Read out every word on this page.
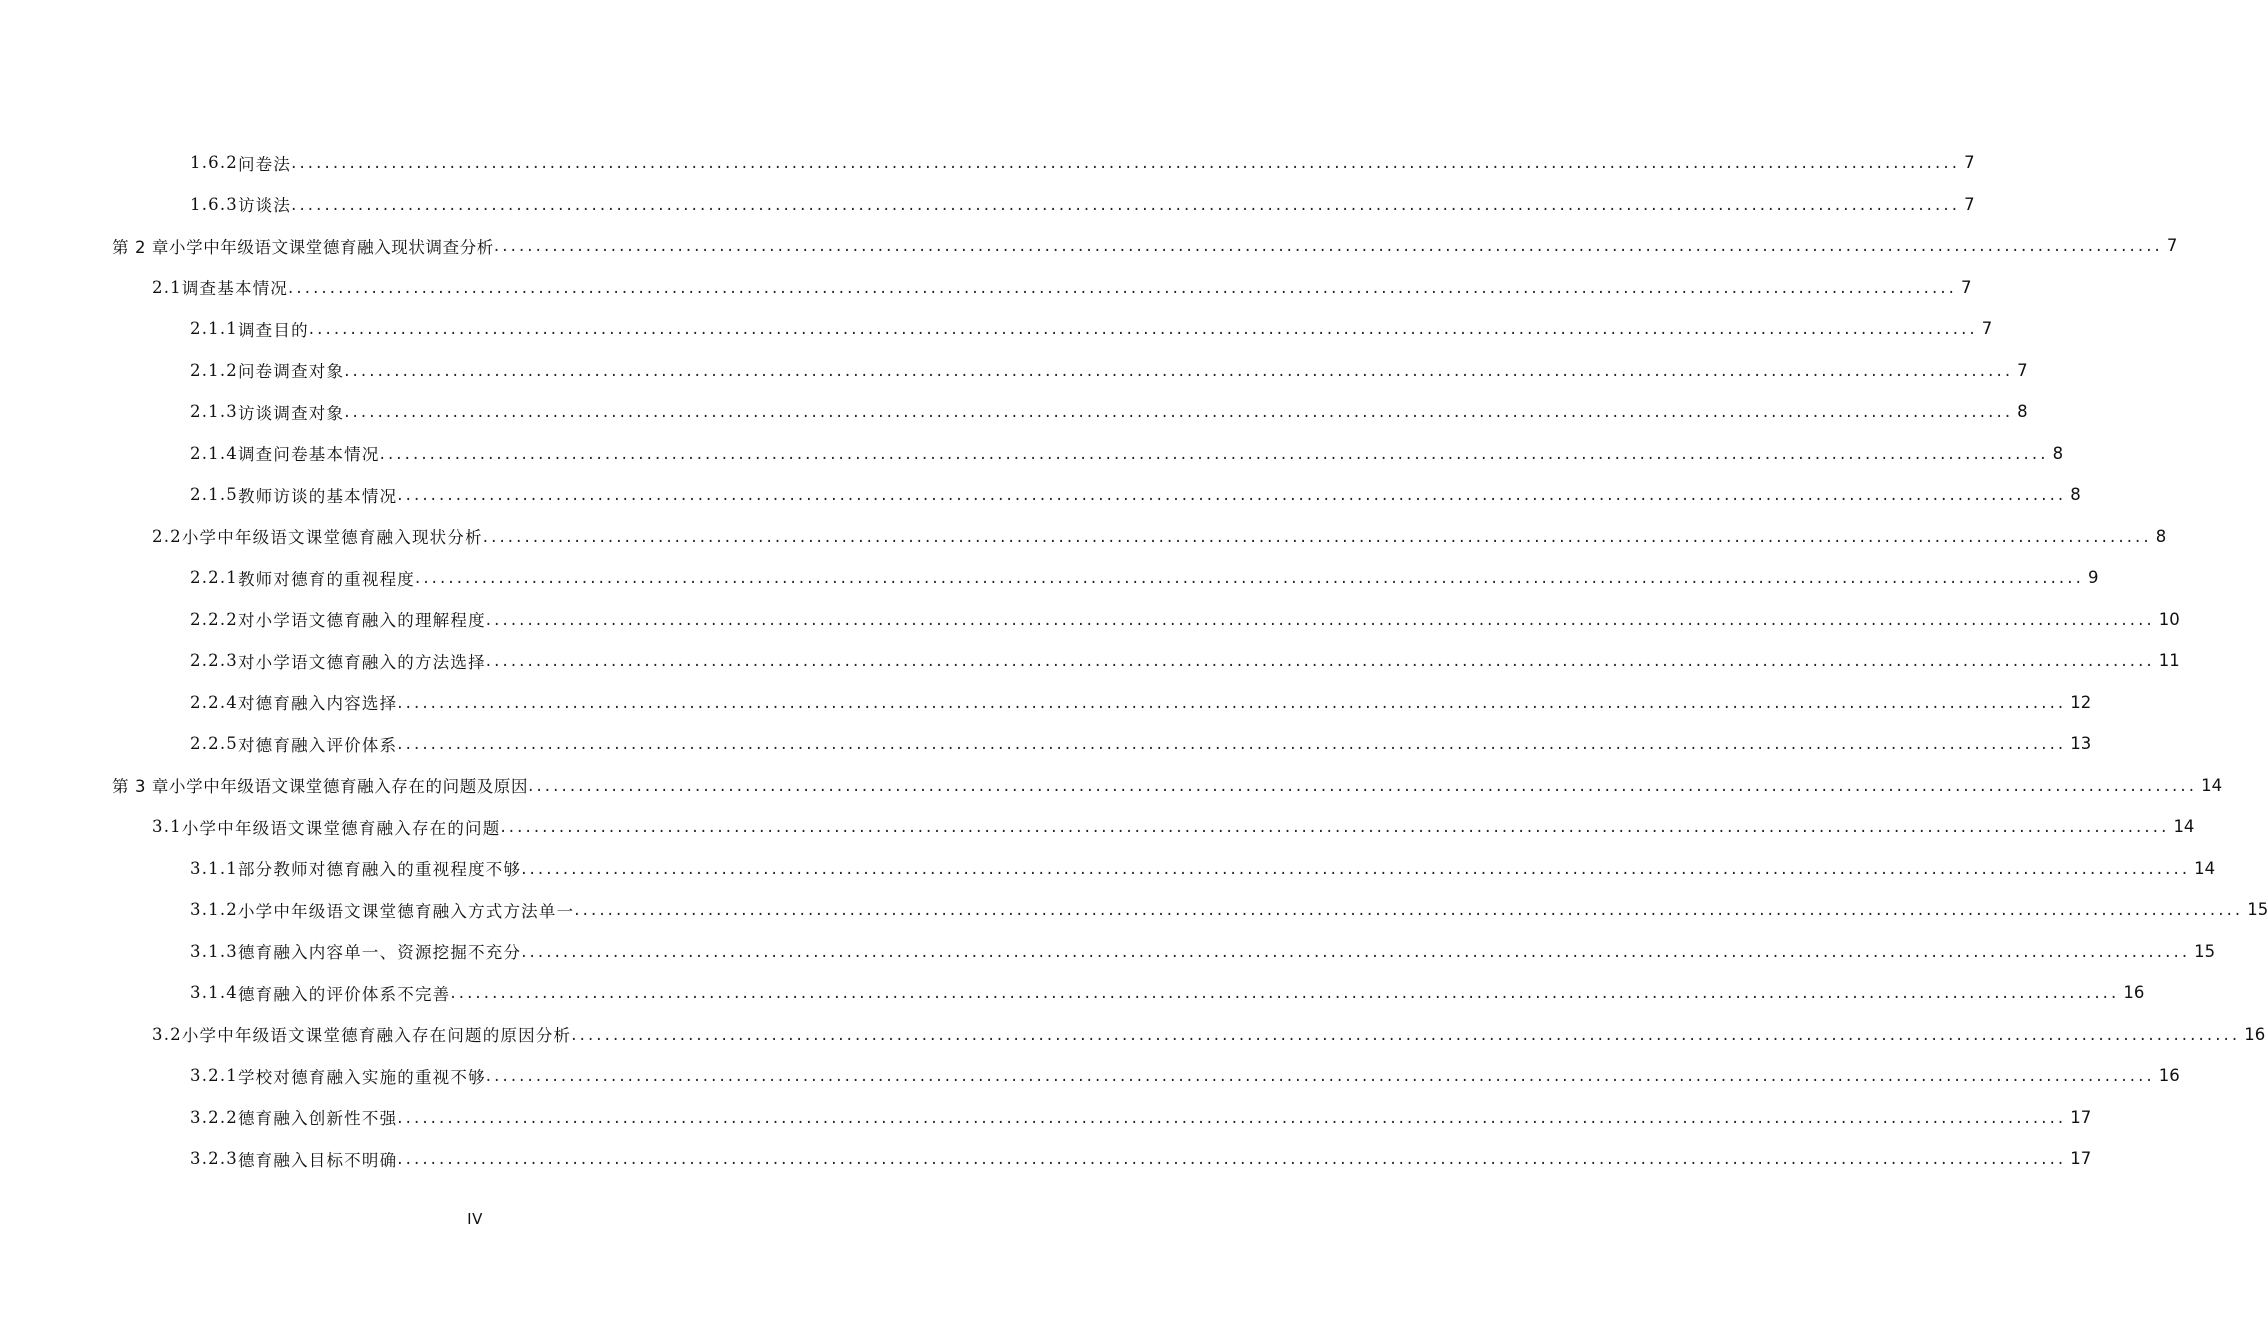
1.6.2 问卷法 ........................................................................................................................................................................................................ 7
1.6.3 访谈法 ........................................................................................................................................................................................................ 7
第 2 章 小学中年级语文课堂德育融入现状调查分析 ........................................................................................................................................................................................................ 7
2.1 调查基本情况 ........................................................................................................................................................................................................ 7
2.1.1 调查目的 ........................................................................................................................................................................................................ 7
2.1.2 问卷调查对象 ........................................................................................................................................................................................................ 7
2.1.3 访谈调查对象 ........................................................................................................................................................................................................ 8
2.1.4 调查问卷基本情况 ........................................................................................................................................................................................................ 8
2.1.5 教师访谈的基本情况 ........................................................................................................................................................................................................ 8
2.2 小学中年级语文课堂德育融入现状分析 ........................................................................................................................................................................................................ 8
2.2.1 教师对德育的重视程度 ........................................................................................................................................................................................................ 9
2.2.2 对小学语文德育融入的理解程度 ........................................................................................................................................................................................................ 10
2.2.3 对小学语文德育融入的方法选择 ........................................................................................................................................................................................................ 11
2.2.4 对德育融入内容选择 ........................................................................................................................................................................................................ 12
2.2.5 对德育融入评价体系 ........................................................................................................................................................................................................ 13
第 3 章 小学中年级语文课堂德育融入存在的问题及原因 ........................................................................................................................................................................................................ 14
3.1 小学中年级语文课堂德育融入存在的问题 ........................................................................................................................................................................................................ 14
3.1.1 部分教师对德育融入的重视程度不够 ........................................................................................................................................................................................................ 14
3.1.2 小学中年级语文课堂德育融入方式方法单一 ........................................................................................................................................................................................................ 15
3.1.3 德育融入内容单一、资源挖掘不充分 ........................................................................................................................................................................................................ 15
3.1.4 德育融入的评价体系不完善 ........................................................................................................................................................................................................ 16
3.2 小学中年级语文课堂德育融入存在问题的原因分析 ........................................................................................................................................................................................................ 16
3.2.1 学校对德育融入实施的重视不够 ........................................................................................................................................................................................................ 16
3.2.2 德育融入创新性不强 ........................................................................................................................................................................................................ 17
3.2.3 德育融入目标不明确 ........................................................................................................................................................................................................ 17
IV
